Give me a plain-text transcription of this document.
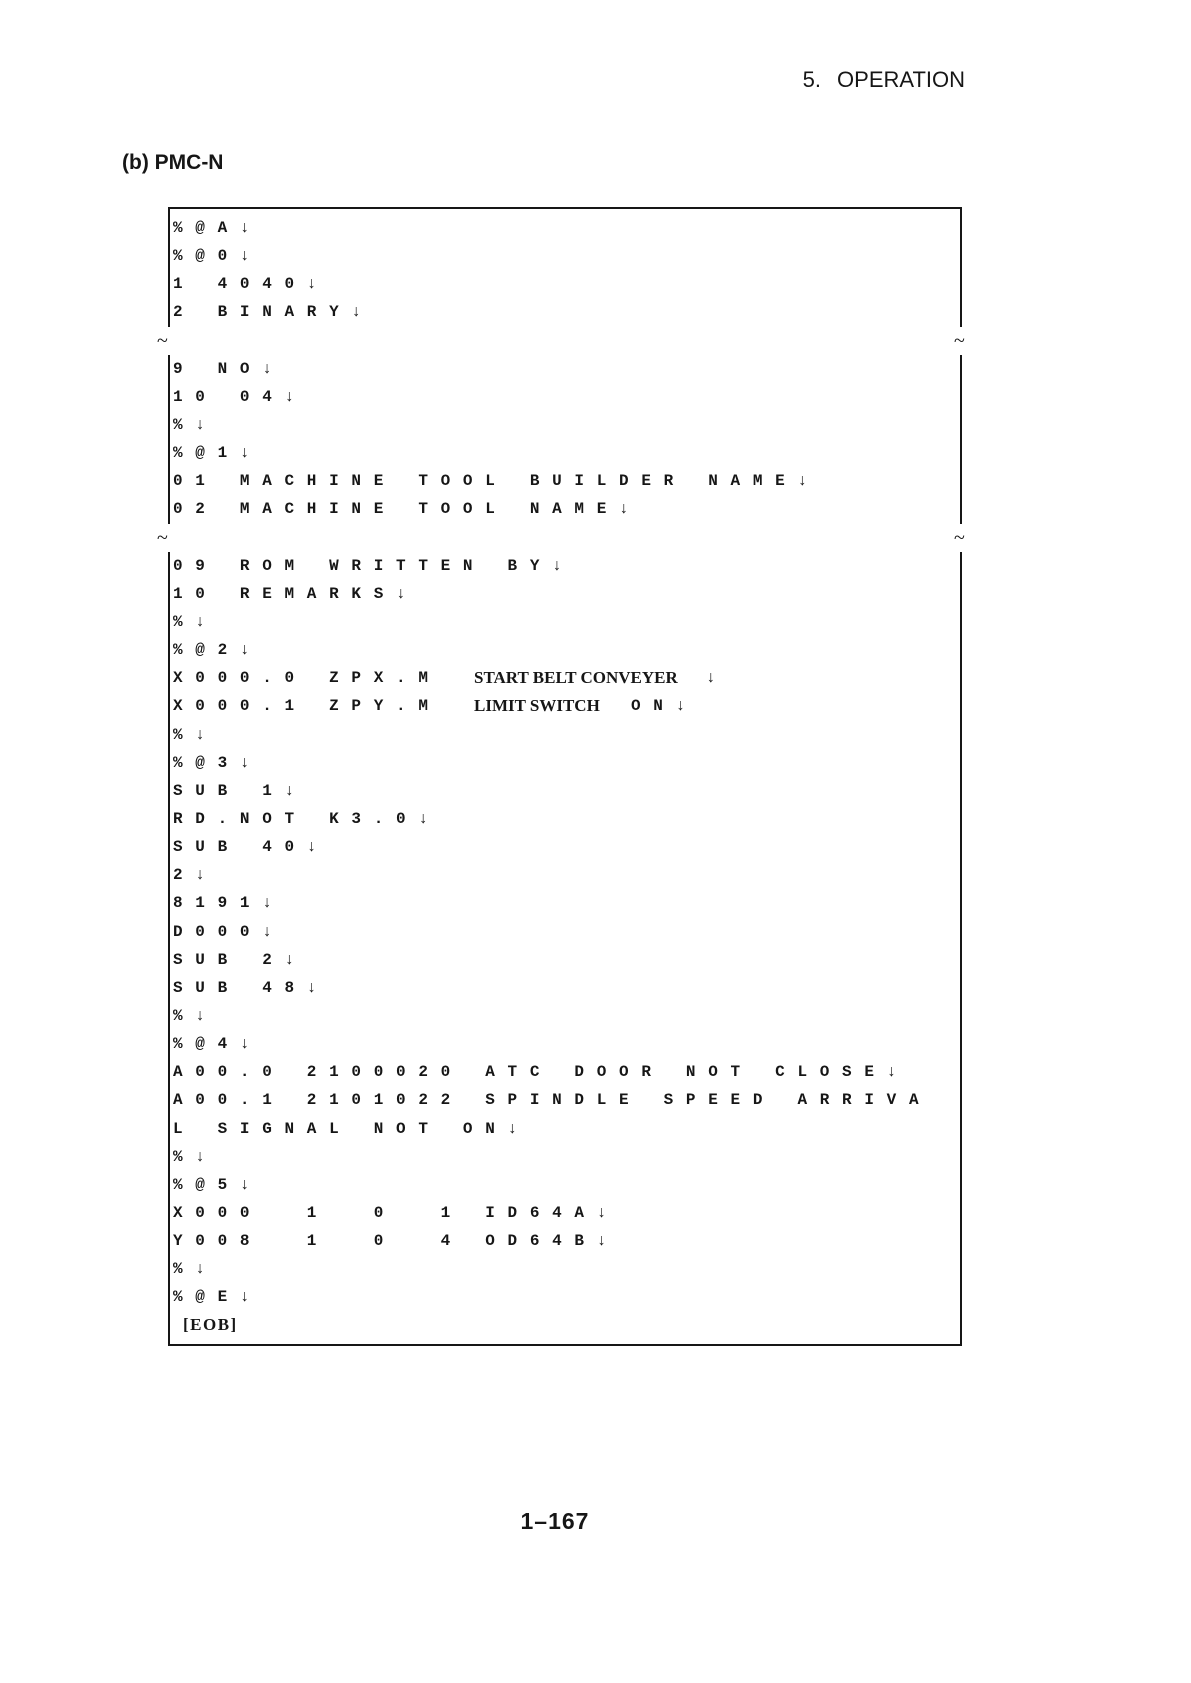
5. OPERATION
(b) PMC-N
%@A↓
%@0↓
1 4040↓
2 BINARY↓
~	~
9 NO↓
10 04↓
%↓
%@1↓
01 MACHINE TOOL BUILDER NAME↓
02 MACHINE TOOL NAME↓
~	~
09 ROM WRITTEN BY↓
10 REMARKS↓
%↓
%@2↓
X000.0 ZPX.M START BELT CONVEYER ↓
X000.1 ZPY.M LIMIT SWITCH ON↓
%↓
%@3↓
SUB 1↓
RD.NOT K3.0↓
SUB 40↓
2↓
8191↓
D000↓
SUB 2↓
SUB 48↓
%↓
%@4↓
A00.0 2100020 ATC DOOR NOT CLOSE↓
A00.1 2101022 SPINDLE SPEED ARRIVA
L SIGNAL NOT ON↓
%↓
%@5↓
X000  1  0  1 ID64A↓
Y008  1  0  4 OD64B↓
%↓
%@E↓
[EOB]
1–167
